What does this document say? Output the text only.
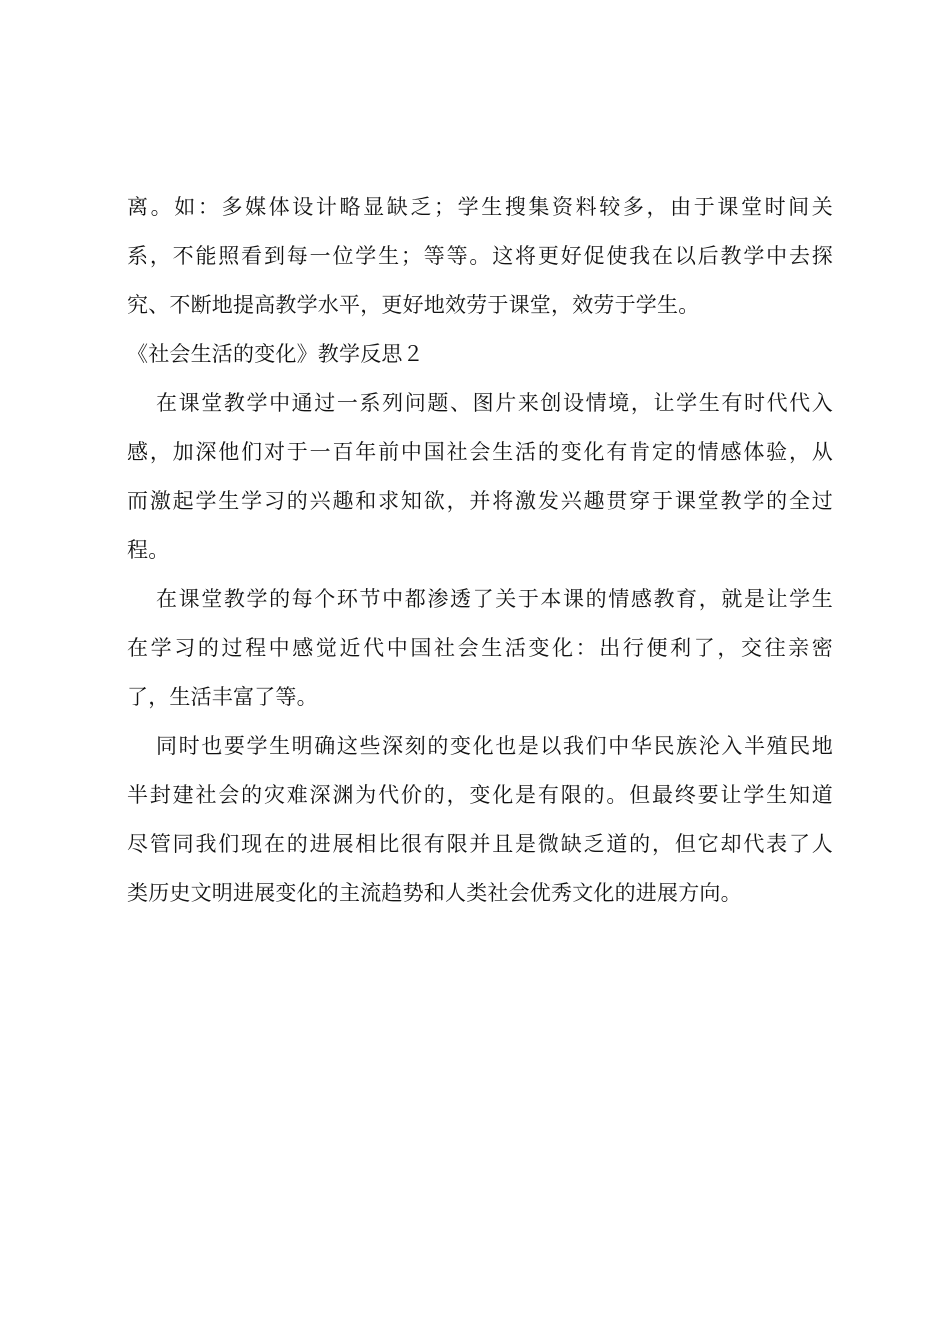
离。如：多媒体设计略显缺乏；学生搜集资料较多，由于课堂时间关
系，不能照看到每一位学生；等等。这将更好促使我在以后教学中去探
究、不断地提高教学水平，更好地效劳于课堂，效劳于学生。
《社会生活的变化》教学反思２
在课堂教学中通过一系列问题、图片来创设情境，让学生有时代代入
感，加深他们对于一百年前中国社会生活的变化有肯定的情感体验，从
而激起学生学习的兴趣和求知欲，并将激发兴趣贯穿于课堂教学的全过
程。
在课堂教学的每个环节中都渗透了关于本课的情感教育，就是让学生
在学习的过程中感觉近代中国社会生活变化：出行便利了，交往亲密
了，生活丰富了等。
同时也要学生明确这些深刻的变化也是以我们中华民族沦入半殖民地
半封建社会的灾难深渊为代价的，变化是有限的。但最终要让学生知道
尽管同我们现在的进展相比很有限并且是微缺乏道的，但它却代表了人
类历史文明进展变化的主流趋势和人类社会优秀文化的进展方向。
